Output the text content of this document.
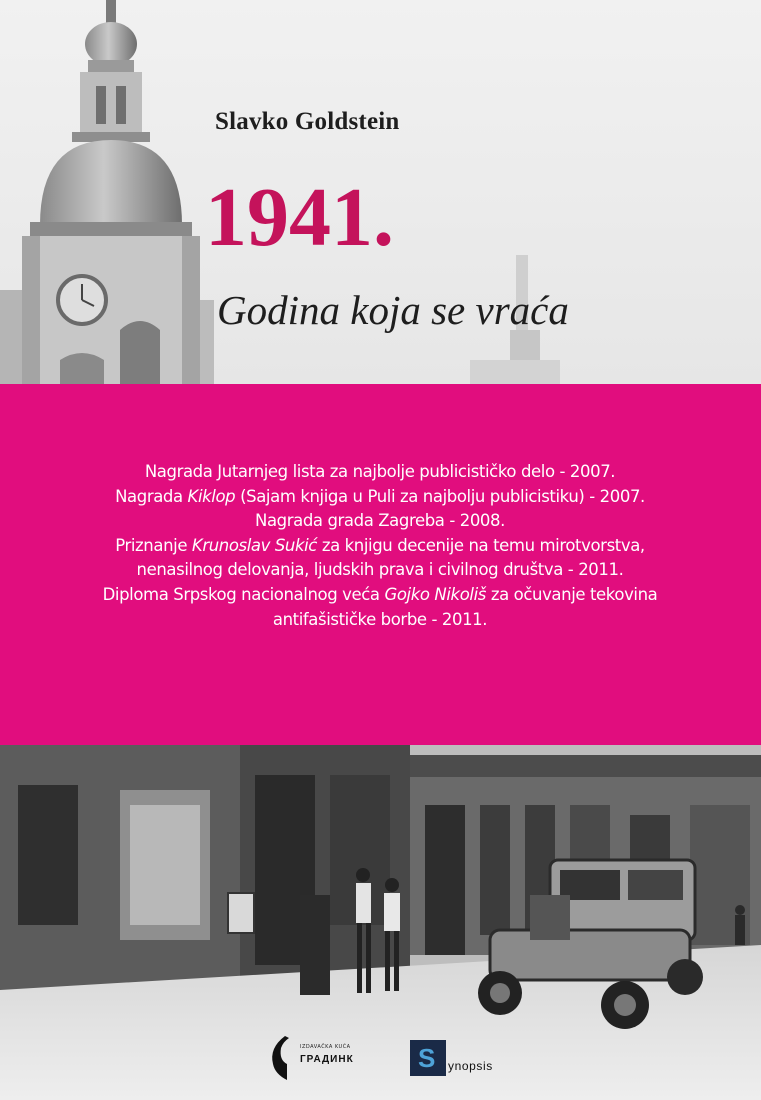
Slavko Goldstein
1941.
Godina koja se vraća
Nagrada Jutarnjeg lista za najbolje publicističko delo - 2007.
Nagrada Kiklop (Sajam knjiga u Puli za najbolju publicistiku) - 2007.
Nagrada grada Zagreba - 2008.
Priznanje Krunoslav Sukić za knjigu decenije na temu mirotvorstva,
nenasilnog delovanja, ljudskih prava i civilnog društva - 2011.
Diploma Srpskog nacionalnog veća Gojko Nikoliš za očuvanje tekovina
antifašističke borbe - 2011.
IZDAVAČKA KUĆA
ГРАДИНК S ynopsis
